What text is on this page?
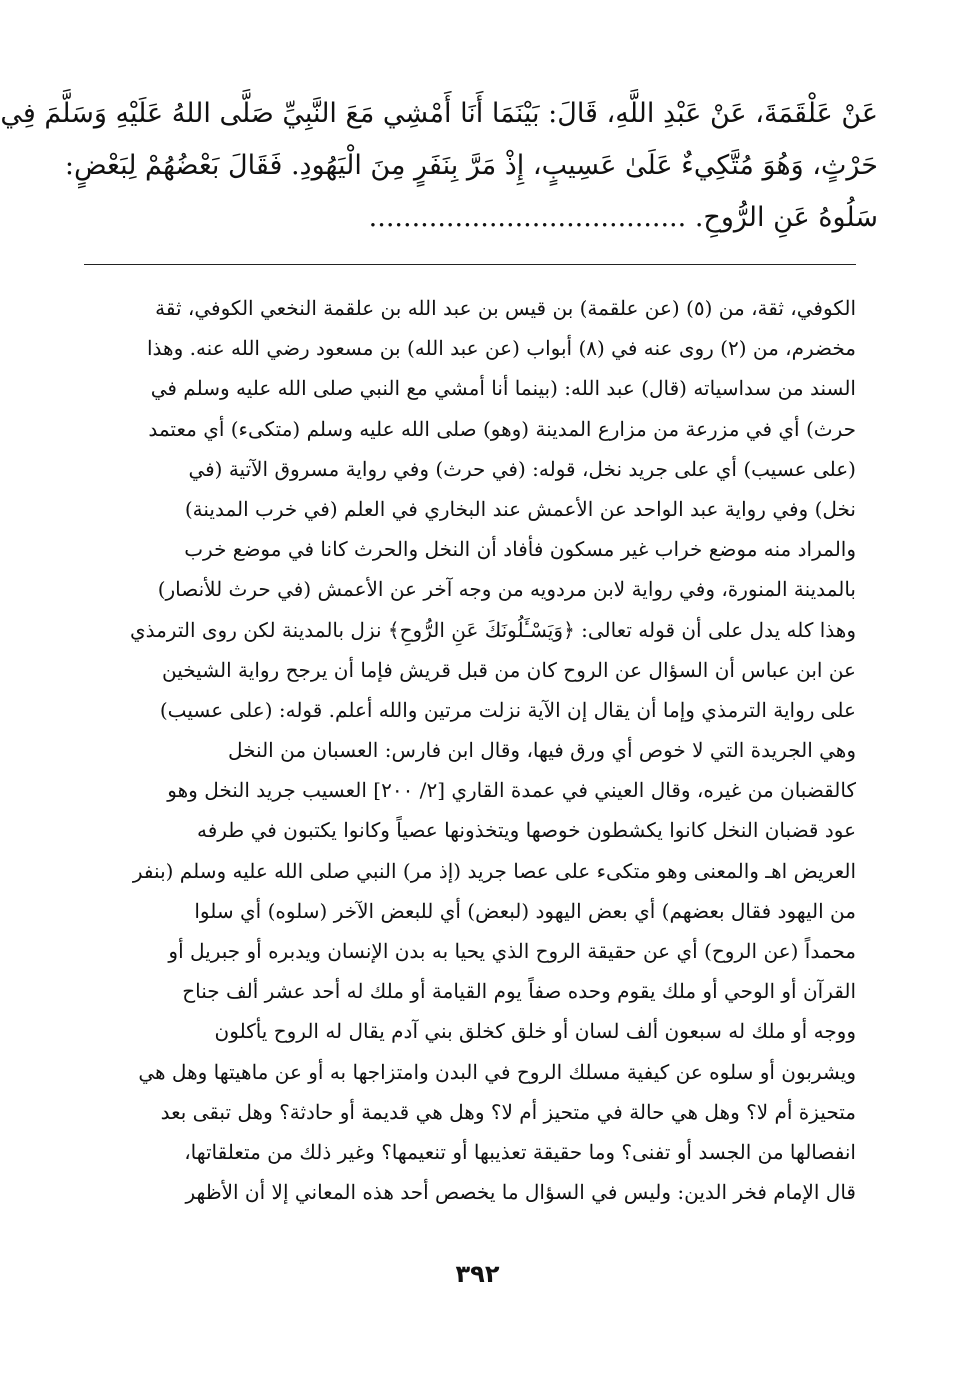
عَنْ عَلْقَمَةَ، عَنْ عَبْدِ اللَّهِ، قَالَ: بَيْنَمَا أَنَا أَمْشِي مَعَ النَّبِيِّ صَلَّى اللهُ عَلَيْهِ وَسَلَّمَ فِي
حَرْثٍ، وَهُوَ مُتَّكِيءٌ عَلَىٰ عَسِيبٍ، إِذْ مَرَّ بِنَفَرٍ مِنَ الْيَهُودِ. فَقَالَ بَعْضُهُمْ لِبَعْضٍ:
سَلُوهُ عَنِ الرُّوحِ. .....................................
الكوفي، ثقة، من (٥) (عن علقمة) بن قيس بن عبد الله بن علقمة النخعي الكوفي، ثقة
مخضرم، من (٢) روى عنه في (٨) أبواب (عن عبد الله) بن مسعود رضي الله عنه. وهذا
السند من سداسياته (قال) عبد الله: (بينما أنا أمشي مع النبي صلى الله عليه وسلم في
حرث) أي في مزرعة من مزارع المدينة (وهو) صلى الله عليه وسلم (متكىء) أي معتمد
(على عسيب) أي على جريد نخل، قوله: (في حرث) وفي رواية مسروق الآتية (في
نخل) وفي رواية عبد الواحد عن الأعمش عند البخاري في العلم (في خرب المدينة)
والمراد منه موضع خراب غير مسكون فأفاد أن النخل والحرث كانا في موضع خرب
بالمدينة المنورة، وفي رواية لابن مردويه من وجه آخر عن الأعمش (في حرث للأنصار)
وهذا كله يدل على أن قوله تعالى: ﴿وَيَسْـَٔلُونَكَ عَنِ الرُّوحِ﴾ نزل بالمدينة لكن روى الترمذي
عن ابن عباس أن السؤال عن الروح كان من قبل قريش فإما أن يرجح رواية الشيخين
على رواية الترمذي وإما أن يقال إن الآية نزلت مرتين والله أعلم. قوله: (على عسيب)
وهي الجريدة التي لا خوص أي ورق فيها، وقال ابن فارس: العسبان من النخل
كالقضبان من غيره، وقال العيني في عمدة القاري [٢/ ٢٠٠] العسيب جريد النخل وهو
عود قضبان النخل كانوا يكشطون خوصها ويتخذونها عصياً وكانوا يكتبون في طرفه
العريض اهـ والمعنى وهو متكىء على عصا جريد (إذ مر) النبي صلى الله عليه وسلم (بنفر
من اليهود فقال بعضهم) أي بعض اليهود (لبعض) أي للبعض الآخر (سلوه) أي سلوا
محمداً (عن الروح) أي عن حقيقة الروح الذي يحيا به بدن الإنسان ويدبره أو جبريل أو
القرآن أو الوحي أو ملك يقوم وحده صفاً يوم القيامة أو ملك له أحد عشر ألف جناح
ووجه أو ملك له سبعون ألف لسان أو خلق كخلق بني آدم يقال له الروح يأكلون
ويشربون أو سلوه عن كيفية مسلك الروح في البدن وامتزاجها به أو عن ماهيتها وهل هي
متحيزة أم لا؟ وهل هي حالة في متحيز أم لا؟ وهل هي قديمة أو حادثة؟ وهل تبقى بعد
انفصالها من الجسد أو تفنى؟ وما حقيقة تعذيبها أو تنعيمها؟ وغير ذلك من متعلقاتها،
قال الإمام فخر الدين: وليس في السؤال ما يخصص أحد هذه المعاني إلا أن الأظهر
٣٩٢
